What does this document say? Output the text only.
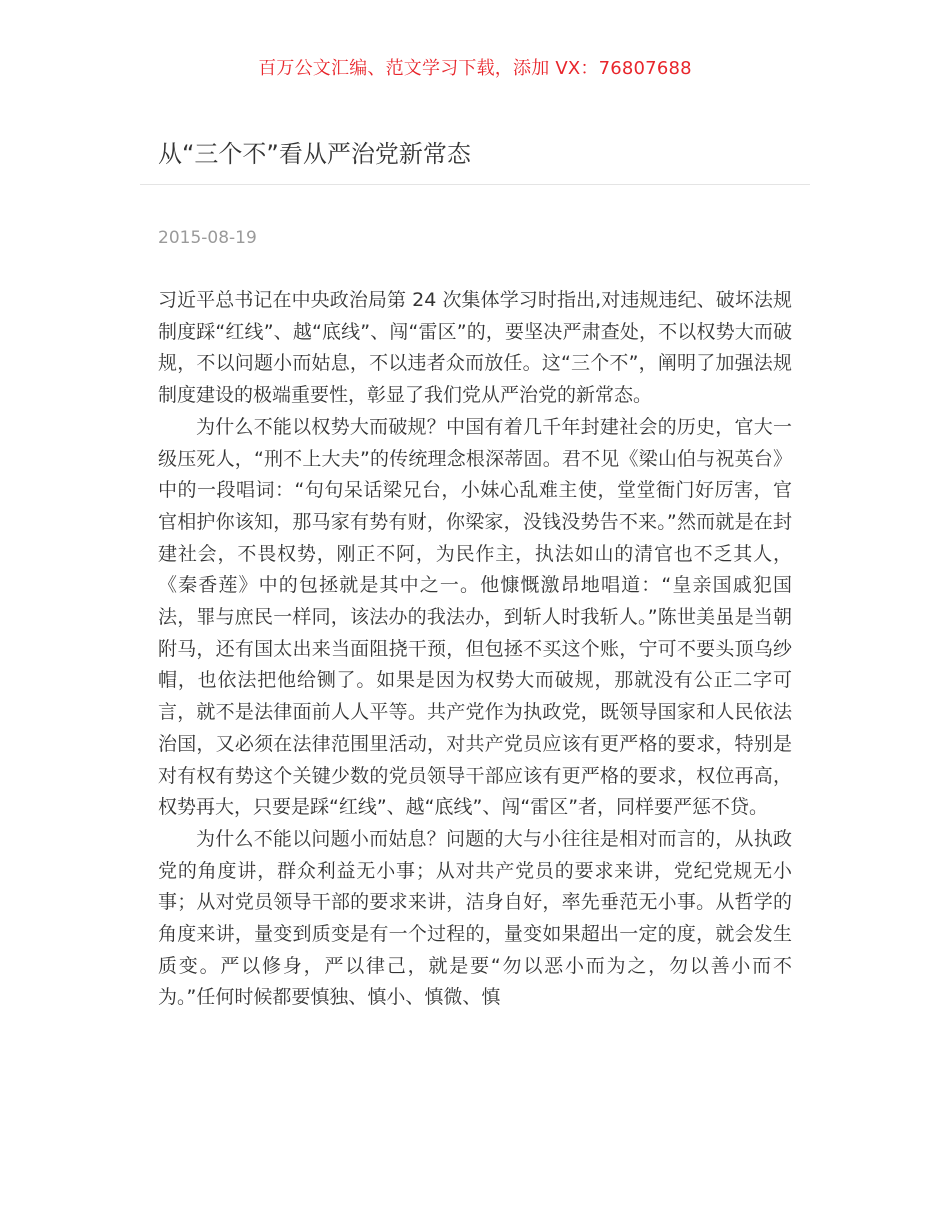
百万公文汇编、范文学习下载，添加 VX：76807688
从“三个不”看从严治党新常态
2015-08-19

习近平总书记在中央政治局第 24 次集体学习时指出,对违规违纪、破坏法规制度踩“红线”、越“底线”、闯“雷区”的，要坚决严肃查处，不以权势大而破规，不以问题小而姑息，不以违者众而放任。这“三个不”，阐明了加强法规制度建设的极端重要性，彰显了我们党从严治党的新常态。

为什么不能以权势大而破规？中国有着几千年封建社会的历史，官大一级压死人，“刑不上大夫”的传统理念根深蒂固。君不见《梁山伯与祝英台》中的一段唱词：“句句呆话梁兄台，小妹心乱难主使，堂堂衙门好厉害，官官相护你该知，那马家有势有财，你梁家，没钱没势告不来。”然而就是在封建社会，不畏权势，刚正不阿，为民作主，执法如山的清官也不乏其人，《秦香莲》中的包拯就是其中之一。他慷慨激昂地唱道：“皇亲国戚犯国法，罪与庶民一样同，该法办的我法办，到斩人时我斩人。”陈世美虽是当朝附马，还有国太出来当面阻挠干预，但包拯不买这个账，宁可不要头顶乌纱帽，也依法把他给铡了。如果是因为权势大而破规，那就没有公正二字可言，就不是法律面前人人平等。共产党作为执政党，既领导国家和人民依法治国，又必须在法律范围里活动，对共产党员应该有更严格的要求，特别是对有权有势这个关键少数的党员领导干部应该有更严格的要求，权位再高，权势再大，只要是踩“红线”、越“底线”、闯“雷区”者，同样要严惩不贷。

为什么不能以问题小而姑息？问题的大与小往往是相对而言的，从执政党的角度讲，群众利益无小事；从对共产党员的要求来讲，党纪党规无小事；从对党员领导干部的要求来讲，洁身自好，率先垂范无小事。从哲学的角度来讲，量变到质变是有一个过程的，量变如果超出一定的度，就会发生质变。严以修身，严以律己，就是要“勿以恶小而为之，勿以善小而不为。”任何时候都要慎独、慎小、慎微、慎
